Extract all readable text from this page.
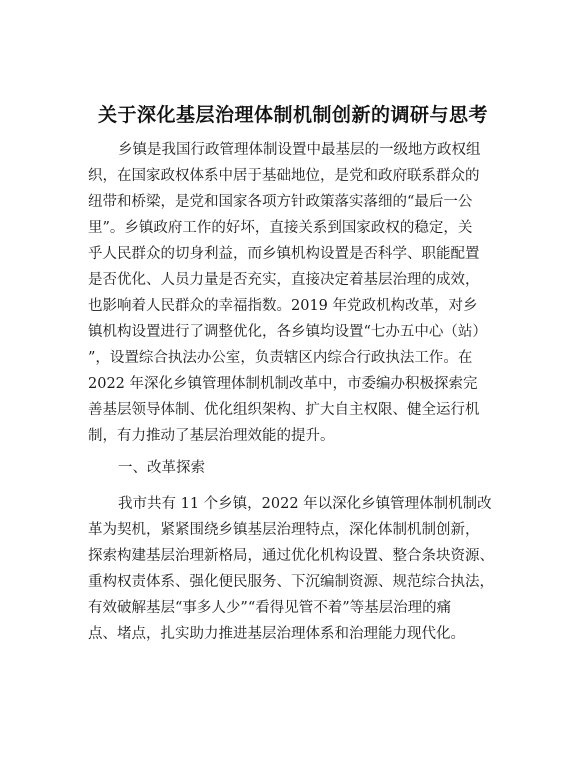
关于深化基层治理体制机制创新的调研与思考
乡镇是我国行政管理体制设置中最基层的一级地方政权组
织，在国家政权体系中居于基础地位，是党和政府联系群众的
纽带和桥梁，是党和国家各项方针政策落实落细的“最后一公
里”。乡镇政府工作的好坏，直接关系到国家政权的稳定，关
乎人民群众的切身利益，而乡镇机构设置是否科学、职能配置
是否优化、人员力量是否充实，直接决定着基层治理的成效，
也影响着人民群众的幸福指数。2019 年党政机构改革，对乡
镇机构设置进行了调整优化，各乡镇均设置“七办五中心（站）
”，设置综合执法办公室，负责辖区内综合行政执法工作。在
2022 年深化乡镇管理体制机制改革中，市委编办积极探索完
善基层领导体制、优化组织架构、扩大自主权限、健全运行机
制，有力推动了基层治理效能的提升。
一、改革探索
我市共有 11 个乡镇，2022 年以深化乡镇管理体制机制改
革为契机，紧紧围绕乡镇基层治理特点，深化体制机制创新，
探索构建基层治理新格局，通过优化机构设置、整合条块资源、
重构权责体系、强化便民服务、下沉编制资源、规范综合执法，
有效破解基层“事多人少”“看得见管不着”等基层治理的痛
点、堵点，扎实助力推进基层治理体系和治理能力现代化。
